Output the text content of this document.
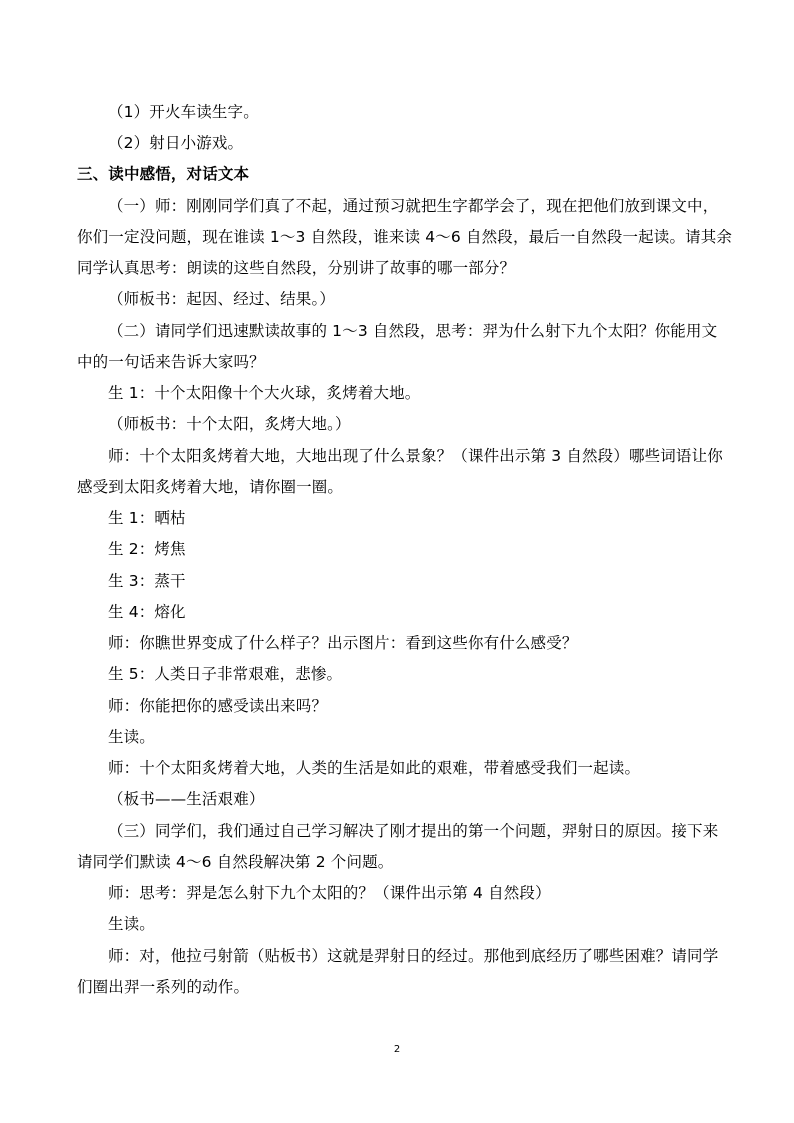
（1）开火车读生字。
（2）射日小游戏。
三、读中感悟，对话文本
（一）师：刚刚同学们真了不起，通过预习就把生字都学会了，现在把他们放到课文中，
你们一定没问题，现在谁读 1～3 自然段，谁来读 4～6 自然段，最后一自然段一起读。请其余
同学认真思考：朗读的这些自然段，分别讲了故事的哪一部分？
（师板书：起因、经过、结果。）
（二）请同学们迅速默读故事的 1～3 自然段，思考：羿为什么射下九个太阳？你能用文
中的一句话来告诉大家吗？
生 1：十个太阳像十个大火球，炙烤着大地。
（师板书：十个太阳，炙烤大地。）
师：十个太阳炙烤着大地，大地出现了什么景象？（课件出示第 3 自然段）哪些词语让你
感受到太阳炙烤着大地，请你圈一圈。
生 1：晒枯
生 2：烤焦
生 3：蒸干
生 4：熔化
师：你瞧世界变成了什么样子？出示图片：看到这些你有什么感受？
生 5：人类日子非常艰难，悲惨。
师：你能把你的感受读出来吗？
生读。
师：十个太阳炙烤着大地，人类的生活是如此的艰难，带着感受我们一起读。
（板书——生活艰难）
（三）同学们，我们通过自己学习解决了刚才提出的第一个问题，羿射日的原因。接下来
请同学们默读 4～6 自然段解决第 2 个问题。
师：思考：羿是怎么射下九个太阳的？（课件出示第 4 自然段）
生读。
师：对，他拉弓射箭（贴板书）这就是羿射日的经过。那他到底经历了哪些困难？请同学
们圈出羿一系列的动作。
2
